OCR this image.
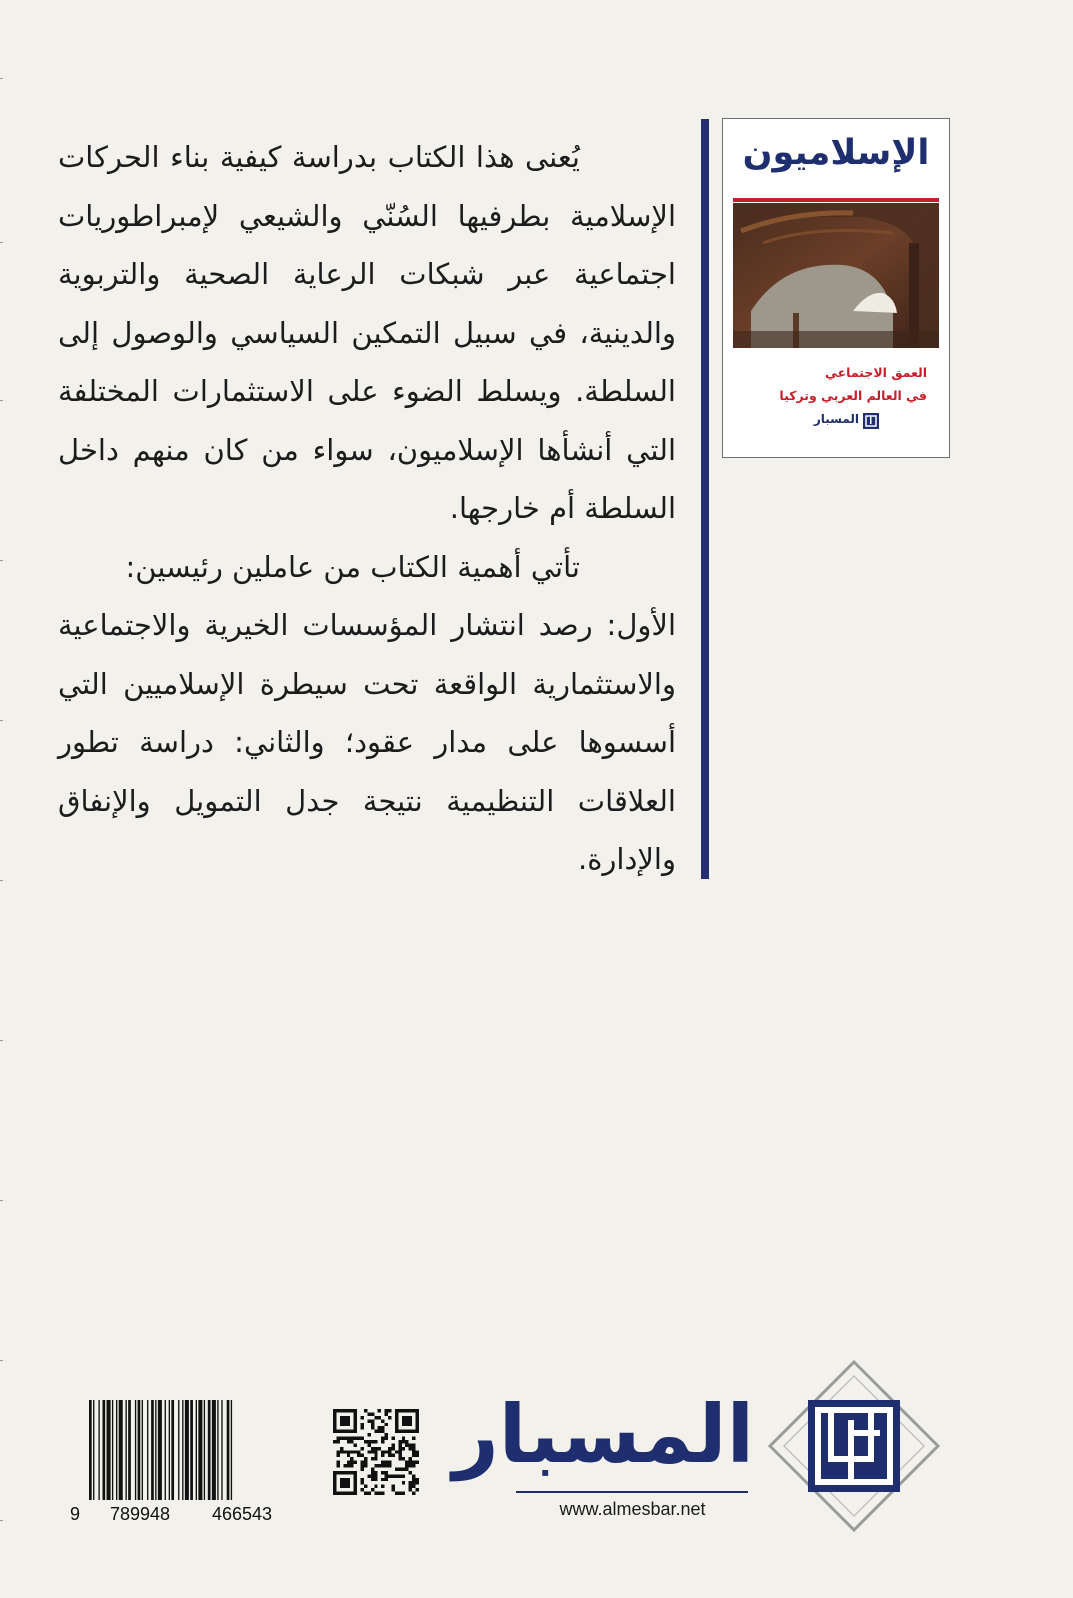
يُعنى هذا الكتاب بدراسة كيفية بناء الحركات الإسلامية بطرفيها السُنّي والشيعي لإمبراطوريات اجتماعية عبر شبكات الرعاية الصحية والتربوية والدينية، في سبيل التمكين السياسي والوصول إلى السلطة. ويسلط الضوء على الاستثمارات المختلفة التي أنشأها الإسلاميون، سواء من كان منهم داخل السلطة أم خارجها.

تأتي أهمية الكتاب من عاملين رئيسين:

الأول: رصد انتشار المؤسسات الخيرية والاجتماعية والاستثمارية الواقعة تحت سيطرة الإسلاميين التي أسسوها على مدار عقود؛ والثاني: دراسة تطور العلاقات التنظيمية نتيجة جدل التمويل والإنفاق والإدارة.

الإسلاميون
العمق الاجتماعي
في العالم العربي وتركيا
المسبار
9 789948 466543
المسبار
www.almesbar.net
